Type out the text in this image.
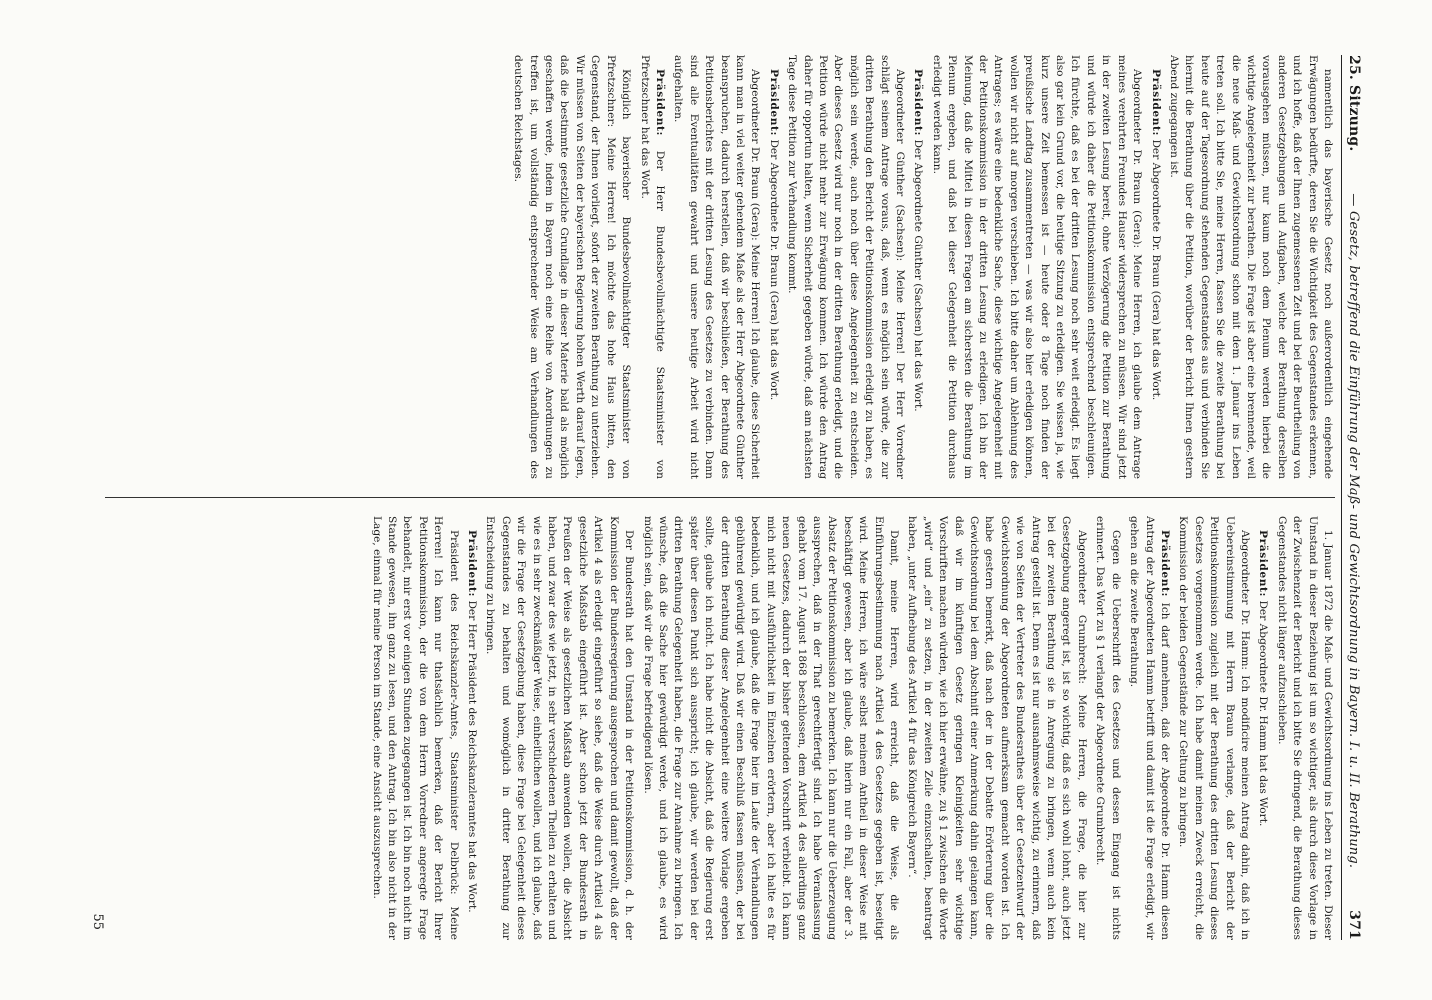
25. Sitzung.
— Gesetz, betreffend die Einführung der Maß- und Gewichtsordnung in Bayern. I. u. II. Berathung.
371

namentlich das bayerische Gesetz noch außerordentlich eingehende Erwägungen bedürfte, deren Sie die Wichtigkeit des Gegenstandes erkennen, und ich hoffe, daß der Ihnen zugemessenen Zeit und bei der Beurtheilung von anderen Gesetzgebungen und Aufgaben, welche der Berathung derselben vorausgehen müssen, nur kaum noch dem Plenum werden hierbei die wichtige Angelegenheit zur berathen. Die Frage ist aber eine brennende, weil die neue Maß- und Gewichtsordnung schon mit dem 1. Januar ins Leben treten soll. Ich bitte Sie, meine Herren, fassen Sie die zweite Berathung bei heute auf der Tagesordnung stehenden Gegenstandes aus und verbinden Sie hiermit die Berathung über die Petition, worüber der Bericht Ihnen gestern Abend zugegangen ist.

Präsident: Der Abgeordnete Dr. Braun (Gera) hat das Wort.

Abgeordneter Dr. Braun (Gera): Meine Herren, ich glaube dem Antrage meines verehrten Freundes Hauser widersprechen zu müssen. Wir sind jetzt in der zweiten Lesung bereit, ohne Verzögerung die Petition zur Berathung und würde ich daher die Petitionskommission entsprechend beschleunigen. Ich fürchte, daß es bei der dritten Lesung noch sehr weit erledigt. Es liegt also gar kein Grund vor, die heutige Sitzung zu erledigen. Sie wissen ja, wie kurz unsere Zeit bemessen ist — heute oder 8 Tage noch finden der preußische Landtag zusammentreten — was wir also hier erledigen können, wollen wir nicht auf morgen verschieben. Ich bitte daher um Ablehnung des Antrages; es wäre eine bedenkliche Sache, diese wichtige Angelegenheit mit der Petitionskommission in der dritten Lesung zu erledigen. Ich bin der Meinung, daß die Mittel in diesen Fragen am sichersten die Berathung im Plenum ergeben, und daß bei dieser Gelegenheit die Petition durchaus erledigt werden kann.

Präsident: Der Abgeordnete Günther (Sachsen) hat das Wort.

Abgeordneter Günther (Sachsen): Meine Herren! Der Herr Vorredner schlägt seinem Antrage voraus, daß, wenn es möglich sein würde, die zur dritten Berathung den Bericht der Petitionskommission erledigt zu haben, es möglich sein werde, auch noch über diese Angelegenheit zu entscheiden. Aber dieses Gesetz wird nur noch in der dritten Berathung erledigt, und die Petition würde nicht mehr zur Erwägung kommen. Ich würde den Antrag daher für opportun halten, wenn Sicherheit gegeben würde, daß am nächsten Tage diese Petition zur Verhandlung kommt.

Präsident: Der Abgeordnete Dr. Braun (Gera) hat das Wort.

Abgeordneter Dr. Braun (Gera): Meine Herren! Ich glaube, diese Sicherheit kann man in viel weiter gehendem Maße als der Herr Abgeordnete Günther beanspruchen, dadurch herstellen, daß wir beschließen, der Berathung des Petitionsberichtes mit der dritten Lesung des Gesetzes zu verbinden. Dann sind alle Eventualitäten gewahrt und unsere heutige Arbeit wird nicht aufgehalten.

Präsident: Der Herr Bundesbevollmächtigte Staatsminister von Pfretzschner hat das Wort.

Königlich bayerischer Bundesbevollmächtigter Staatsminister von Pfretzschner: Meine Herren! Ich möchte das hohe Haus bitten, den Gegenstand, der Ihnen vorliegt, sofort der zweiten Berathung zu unterziehen. Wir müssen von Seiten der bayerischen Regierung hohen Werth darauf legen, daß die bestimmte gesetzliche Grundlage in dieser Materie bald als möglich geschaffen werde, indem in Bayern noch eine Reihe von Anordnungen zu treffen ist, um vollständig entsprechender Weise am Verhandlungen des deutschen Reichstages.

1. Januar 1872 die Maß- und Gewichtsordnung ins Leben zu treten. Dieser Umstand in dieser Beziehung ist um so wichtiger, als durch diese Vorlage in der Zwischenzeit der Bericht und ich bitte Sie dringend, die Berathung dieses Gegenstandes nicht länger aufzuschieben.

Präsident: Der Abgeordnete Dr. Hamm hat das Wort.

Abgeordneter Dr. Hamm: Ich modificire meinen Antrag dahin, daß ich in Uebereinstimmung mit Herrn Braun verlange, daß der Bericht der Petitionskommission zugleich mit der Berathung des dritten Lesung dieses Gesetzes vorgenommen werde. Ich habe damit meinen Zweck erreicht, die Kommission der beiden Gegenstände zur Geltung zu bringen.

Präsident: Ich darf annehmen, daß der Abgeordnete Dr. Hamm diesen Antrag der Abgeordneten Hamm betrifft und damit ist die Frage erledigt, wir gehen an die zweite Berathung.

Gegen die Ueberschrift des Gesetzes und dessen Eingang ist nichts erinnert. Das Wort zu § 1 verlangt der Abgeordnete Grumbrecht.

Abgeordneter Grumbrecht: Meine Herren, die Frage, die hier zur Gesetzgebung angeregt ist, ist so wichtig, daß es sich wohl lohnt, auch jetzt bei der zweiten Berathung sie in Anregung zu bringen, wenn auch kein Antrag gestellt ist. Denn es ist nur ausnahmsweise wichtig, zu erinnern, daß wie von Seiten der Vertreter des Bundesrathes über der Gesetzentwurf der Gewichtsordnung der Abgeordneten aufmerksam gemacht worden ist. Ich habe gestern bemerkt, daß nach der in der Debatte Erörterung über die Gewichtsordnung bei dem Abschnitt einer Anmerkung dahin gelangen kann, daß wir im künftigen Gesetz geringen Kleinigkeiten sehr wichtige Vorschriften machen würden, wie ich hier erwähne, zu § 1 zwischen die Worte „wird“ und „ein“ zu setzen, in der zweiten Zeile einzuschalten, beantragt haben, „unter Aufhebung des Artikel 4 für das Königreich Bayern“.

Damit, meine Herren, wird erreicht, daß die Weise, die als Einführungsbestimmung nach Artikel 4 des Gesetzes gegeben ist, beseitigt wird. Meine Herren, ich wäre selbst meinem Antheil in dieser Weise mit beschäftigt gewesen, aber ich glaube, daß hierin nur ein Fall, aber der 3. Absatz der Petitionskommission zu bemerken. Ich kann nur die Ueberzeugung aussprechen, daß in der That gerechtfertigt sind. Ich habe Veranlassung gehabt vom 17. August 1868 beschlossen, dem Artikel 4 des allerdings ganz neuen Gesetzes, dadurch der bisher geltenden Vorschrift verbleibt. Ich kann mich nicht mit Ausführlichkeit im Einzelnen erörtern, aber ich halte es für bedenklich, und ich glaube, daß die Frage hier im Laufe der Verhandlungen gebührend gewürdigt wird. Daß wir einen Beschluß fassen müssen, der bei der dritten Berathung dieser Angelegenheit eine weitere Vorlage ergeben sollte, glaube ich nicht. Ich habe nicht die Absicht, daß die Regierung erst später über diesen Punkt sich ausspricht; ich glaube, wir werden bei der dritten Berathung Gelegenheit haben, die Frage zur Annahme zu bringen. Ich wünsche, daß die Sache hier gewürdigt werde, und ich glaube, es wird möglich sein, daß wir die Frage befriedigend lösen.

Der Bundesrath hat den Umstand in der Petitionskommission, d. h. der Kommission der Bundesregierung ausgesprochen und damit gewollt, daß der Artikel 4 als erledigt eingeführt so siehe, daß die Weise durch Artikel 4 als gesetzliche Maßstab eingeführt ist. Aber schon jetzt der Bundesrath in Preußen der Weise als gesetzlichen Maßstab anwenden wollen, die Absicht haben, und zwar des wie jetzt, in sehr verschiedenen Theilen zu erhalten und wie es in sehr zweckmäßiger Weise, einheitlichen wollen, und ich glaube, daß wir die Frage der Gesetzgebung haben, diese Frage bei Gelegenheit dieses Gegenstandes zu behalten und womöglich in dritter Berathung zur Entscheidung zu bringen.

Präsident: Der Herr Präsident des Reichskanzleramtes hat das Wort.

Präsident des Reichskanzler-Amtes, Staatsminister Delbrück: Meine Herren! Ich kann nur thatsächlich bemerken, daß der Bericht Ihrer Petitionskommission, der die von dem Herrn Vorredner angeregte Frage behandelt, mir erst vor einigen Stunden zugegangen ist. Ich bin noch nicht im Stande gewesen, ihn ganz zu lesen, und den Antrag. Ich bin also nicht in der Lage, einmal für meine Person im Stande, eine Ansicht auszusprechen.

55
